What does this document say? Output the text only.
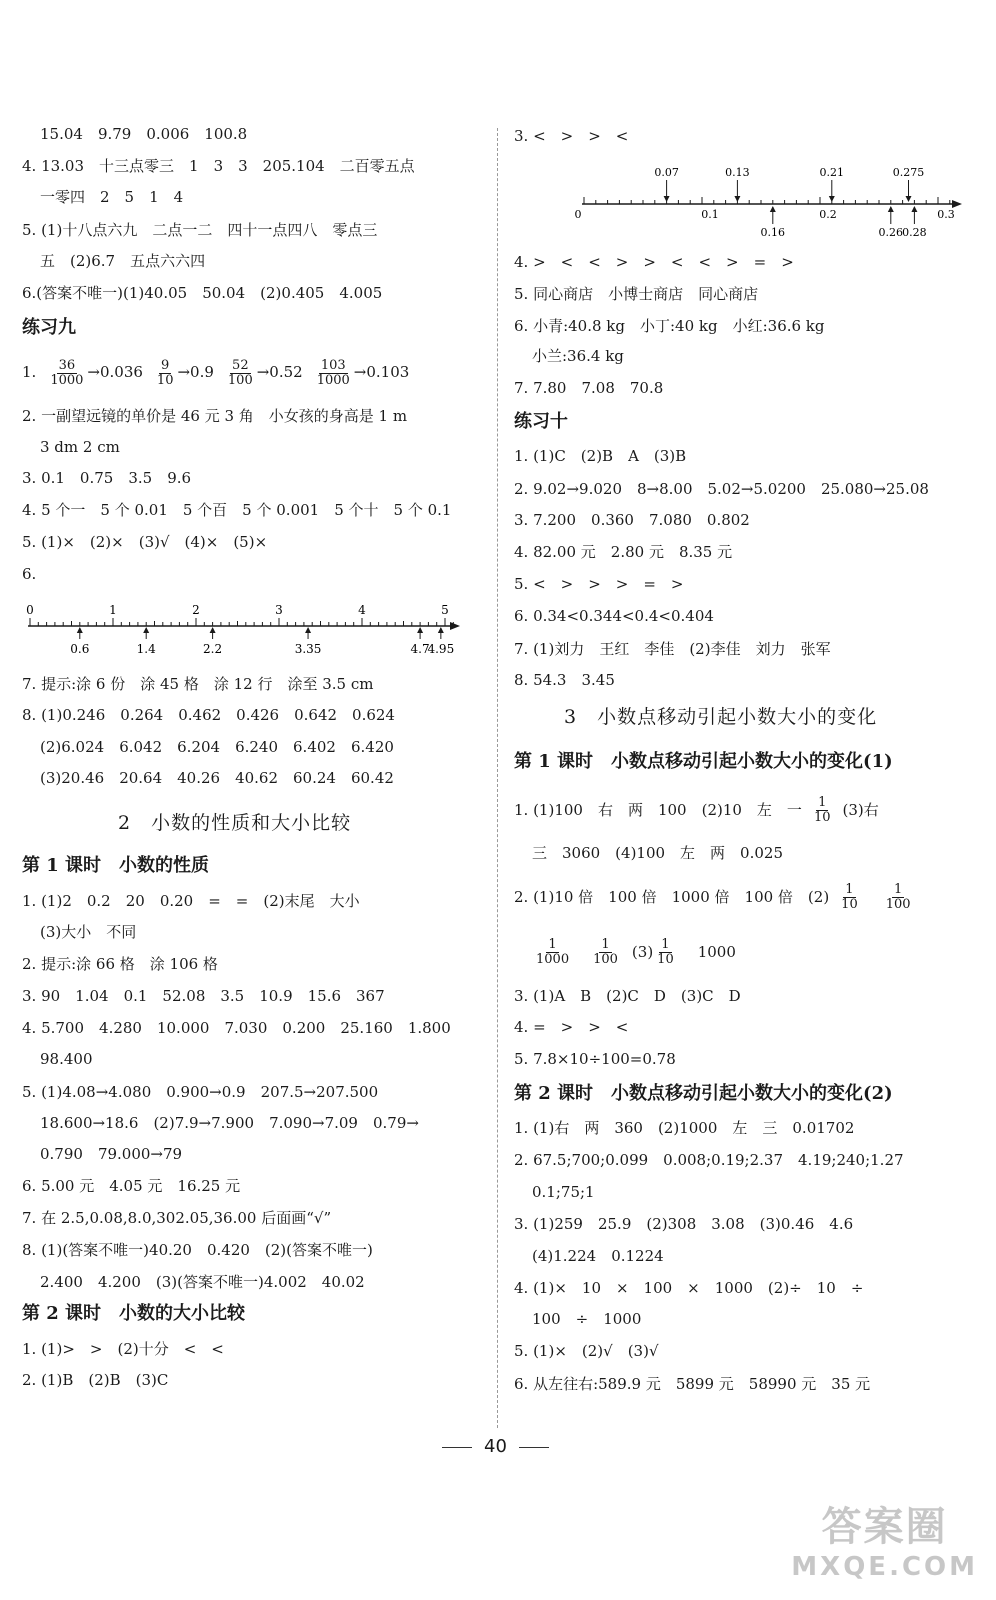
15.04　9.79　0.006　100.8
4. 13.03　十三点零三　1　3　3　205.104　二百零五点
一零四　2　5　1　4
5. (1)十八点六九　二点一二　四十一点四八　零点三
五　(2)6.7　五点六六四
6.(答案不唯一)(1)40.05　50.04　(2)0.405　4.005
练习九
1. $\frac{36}{1000} \to 0.036 \frac{9}{10} \to 0.9 \frac{52}{100} \to 0.52 \frac{103}{1000} \to 0.103$
2. 一副望远镜的单价是 46 元 3 角　小女孩的身高是 1 m
3 dm 2 cm
3. 0.1　0.75　3.5　9.6
4. 5 个一　5 个 0.01　5 个百　5 个 0.001　5 个十　5 个 0.1
5. (1)×　(2)×　(3)√　(4)×　(5)×
6.
0	1	2	3	4	5
0.6	1.4	2.2	3.35	4.7
4.95
7. 提示:涂 6 份　涂 45 格　涂 12 行　涂至 3.5 cm
8. (1)0.246　0.264　0.462　0.426　0.642　0.624
(2)6.024　6.042　6.204　6.240　6.402　6.420
(3)20.46　20.64　40.26　40.62　60.24　60.42
2　小数的性质和大小比较
第 1 课时　小数的性质
1. (1)2　0.2　20　0.20　=　=　(2)末尾　大小
(3)大小　不同
2. 提示:涂 66 格　涂 106 格
3. 90　1.04　0.1　52.08　3.5　10.9　15.6　367
4. 5.700　4.280　10.000　7.030　0.200　25.160　1.800
98.400
5. (1)4.08→4.080　0.900→0.9　207.5→207.500
18.600→18.6　(2)7.9→7.900　7.090→7.09　0.79→
0.790　79.000→79
6. 5.00 元　4.05 元　16.25 元
7. 在 2.5,0.08,8.0,302.05,36.00 后面画“√”
8. (1)(答案不唯一)40.20　0.420　(2)(答案不唯一)
2.400　4.200　(3)(答案不唯一)4.002　40.02
第 2 课时　小数的大小比较
1. (1)>　>　(2)十分　<　<
2. (1)B　(2)B　(3)C
3. <　>　>　<
0.07	0.13	0.21	0.275
0	0.1	0.2	0.3
0.16	0.26 0.28
4. >　<　<　>　>　<　<　>　=　>
5. 同心商店　小博士商店　同心商店
6. 小青:40.8 kg　小丁:40 kg　小红:36.6 kg
小兰:36.4 kg
7. 7.80　7.08　70.8
练习十
1. (1)C　(2)B　A　(3)B
2. 9.02→9.020　8→8.00　5.02→5.0200　25.080→25.08
3. 7.200　0.360　7.080　0.802
4. 82.00 元　2.80 元　8.35 元
5. <　>　>　>　=　>
6. 0.34<0.344<0.4<0.404
7. (1)刘力　王红　李佳　(2)李佳　刘力　张军
8. 54.3　3.45
3　小数点移动引起小数大小的变化
第 1 课时　小数点移动引起小数大小的变化(1)
1. (1)100　右　两　100　(2)10　左　一 $\frac{1}{10} (3)$右
三　3060　(4)100　左　两　0.025
2. (1)10 倍　100 倍　1000 倍　100 倍　$(2) \frac{1}{10} \frac{1}{100}$
$\frac{1}{1000} \frac{1}{100} (3) \frac{1}{10} 1000$
3. (1)A　B　(2)C　D　(3)C　D
4. =　>　>　<
5. 7.8×10÷100=0.78
第 2 课时　小数点移动引起小数大小的变化(2)
1. (1)右　两　360　(2)1000　左　三　0.01702
2. 67.5;700;0.099　0.008;0.19;2.37　4.19;240;1.27
0.1;75;1
3. (1)259　25.9　(2)308　3.08　(3)0.46　4.6
(4)1.224　0.1224
4. (1)×　10　×　100　×　1000　(2)÷　10　÷
100　÷　1000
5. (1)×　(2)√　(3)√
6. 从左往右:589.9 元　5899 元　58990 元　35 元
40
答案圈
MXQE.COM
